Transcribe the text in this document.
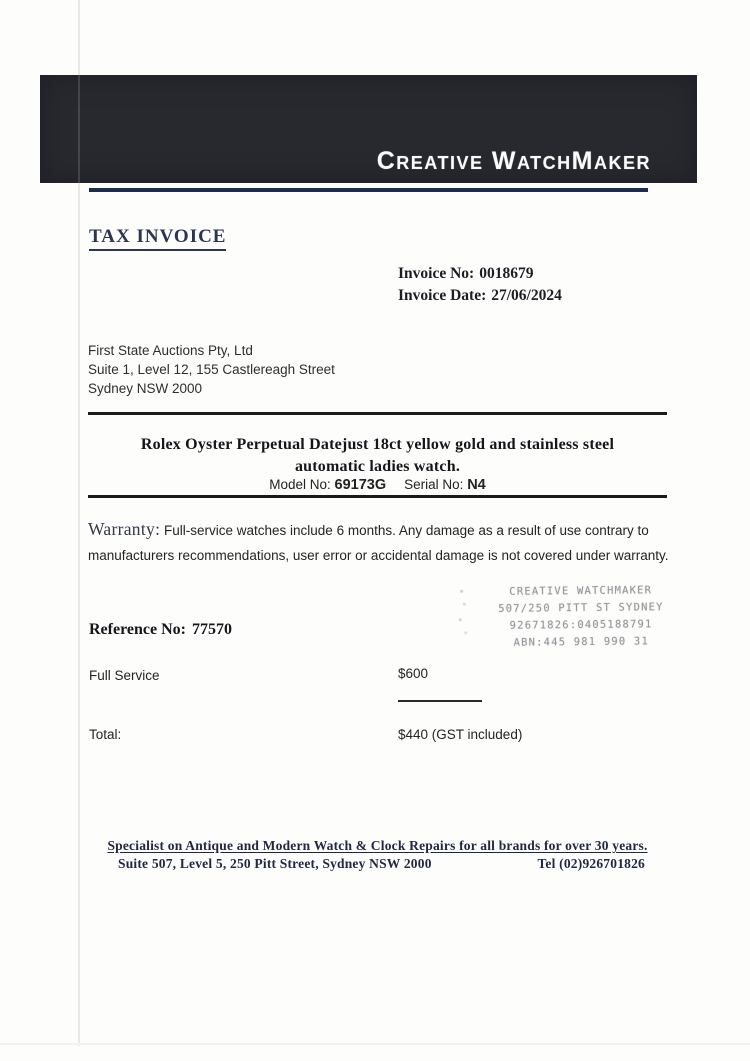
Creative WatchMaker
TAX INVOICE
Invoice No: 0018679
Invoice Date: 27/06/2024
First State Auctions Pty, Ltd
Suite 1, Level 12, 155 Castlereagh Street
Sydney NSW 2000
Rolex Oyster Perpetual Datejust 18ct yellow gold and stainless steel
automatic ladies watch.
Model No: 69173G Serial No: N4
Warranty: Full-service watches include 6 months. Any damage as a result of use contrary to manufacturers recommendations, user error or accidental damage is not covered under warranty.
CREATIVE WATCHMAKER
507/250 PITT ST SYDNEY
92671826:0405188791
ABN:445 981 990 31
Reference No: 77570
Full Service	$600
Total:	$440 (GST included)
Specialist on Antique and Modern Watch & Clock Repairs for all brands for over 30 years.
Suite 507, Level 5, 250 Pitt Street, Sydney NSW 2000	Tel (02)926701826
